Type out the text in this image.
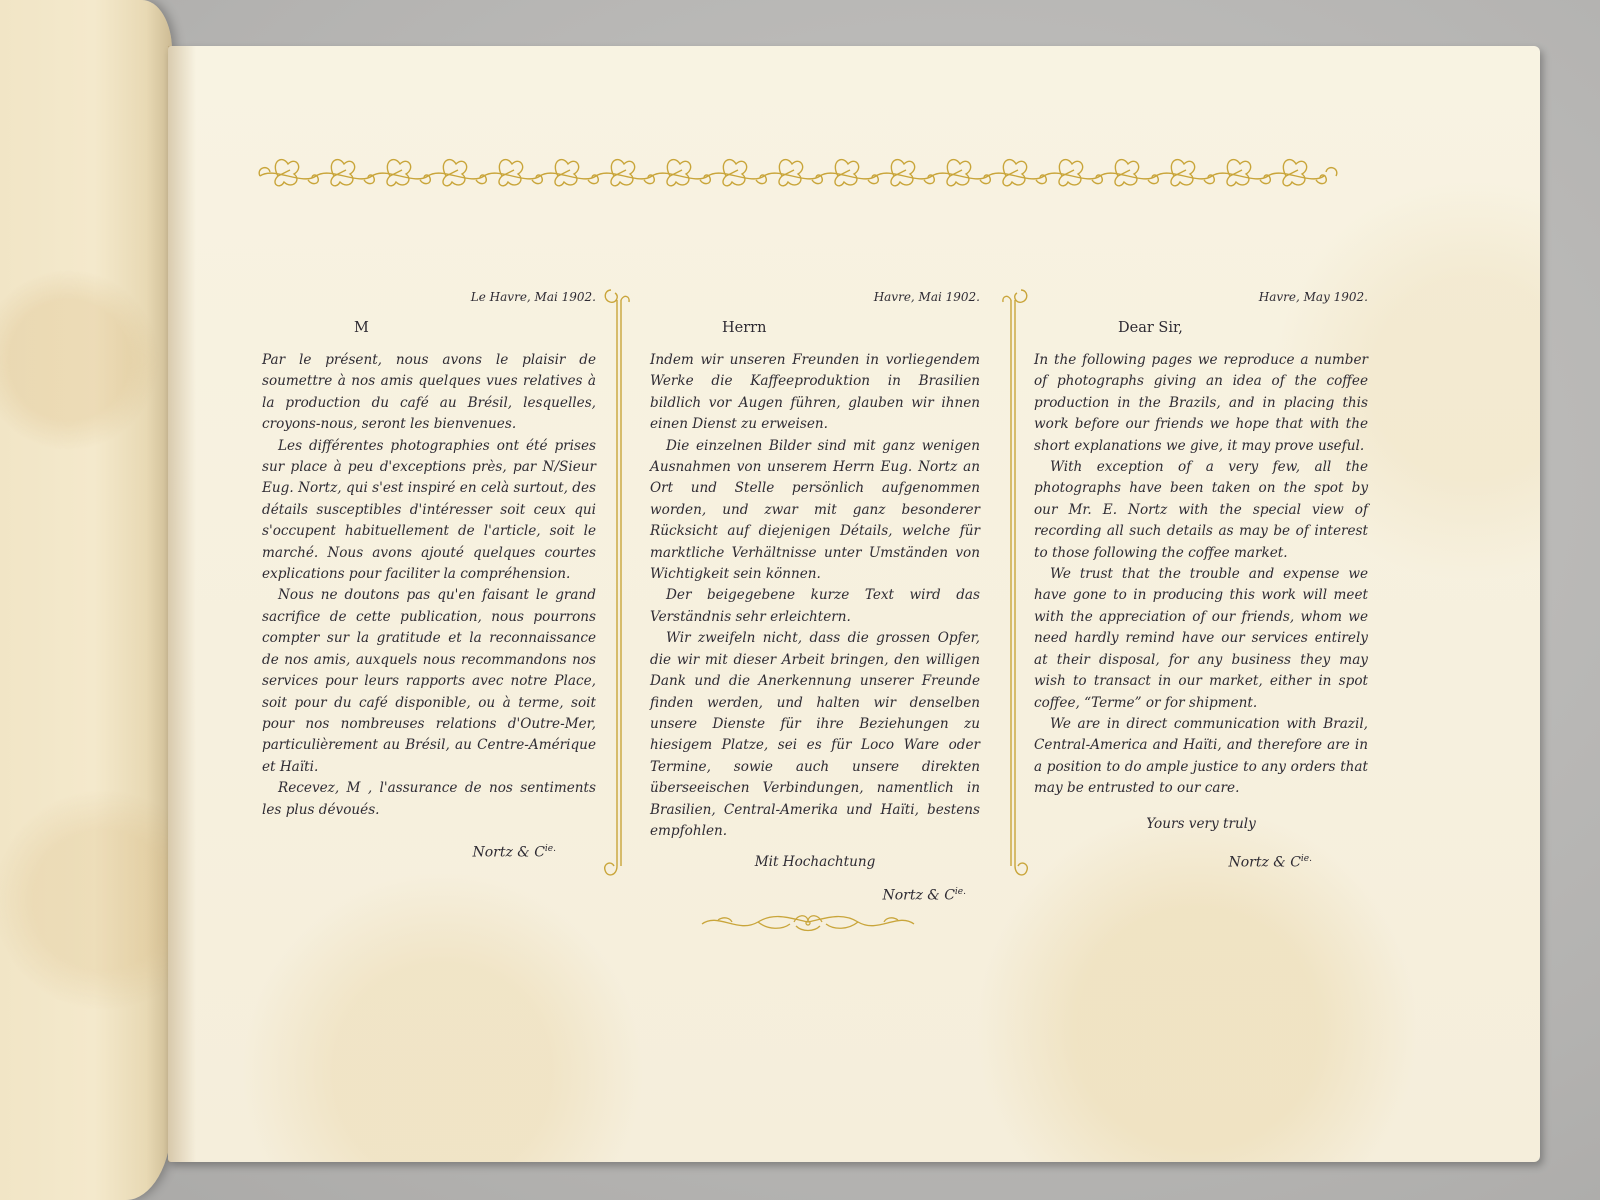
Le Havre, Mai 1902.
M

Par le présent, nous avons le plaisir de soumettre à nos amis quelques vues relatives à la production du café au Brésil, lesquelles, croyons-nous, seront les bienvenues.

Les différentes photographies ont été prises sur place à peu d'exceptions près, par N/Sieur Eug. Nortz, qui s'est inspiré en celà surtout, des détails susceptibles d'intéresser soit ceux qui s'occupent habituellement de l'article, soit le marché. Nous avons ajouté quelques courtes explications pour faciliter la compréhension.

Nous ne doutons pas qu'en faisant le grand sacrifice de cette publication, nous pourrons compter sur la gratitude et la reconnaissance de nos amis, auxquels nous recommandons nos services pour leurs rapports avec notre Place, soit pour du café disponible, ou à terme, soit pour nos nombreuses relations d'Outre-Mer, particulièrement au Brésil, au Centre-Amérique et Haïti.

Recevez, M , l'assurance de nos sentiments les plus dévoués.

Nortz & $C^{ie.}$
Havre, Mai 1902.
Herrn

Indem wir unseren Freunden in vorliegendem Werke die Kaffeeproduktion in Brasilien bildlich vor Augen führen, glauben wir ihnen einen Dienst zu erweisen.

Die einzelnen Bilder sind mit ganz wenigen Ausnahmen von unserem Herrn Eug. Nortz an Ort und Stelle persönlich aufgenommen worden, und zwar mit ganz besonderer Rücksicht auf diejenigen Détails, welche für marktliche Verhältnisse unter Umständen von Wichtigkeit sein können.

Der beigegebene kurze Text wird das Verständnis sehr erleichtern.

Wir zweifeln nicht, dass die grossen Opfer, die wir mit dieser Arbeit bringen, den willigen Dank und die Anerkennung unserer Freunde finden werden, und halten wir denselben unsere Dienste für ihre Beziehungen zu hiesigem Platze, sei es für Loco Ware oder Termine, sowie auch unsere direkten überseeischen Verbindungen, namentlich in Brasilien, Central-Amerika und Haïti, bestens empfohlen.

Mit Hochachtung
Nortz & $C^{ie.}$
Havre, May 1902.
Dear Sir,

In the following pages we reproduce a number of photographs giving an idea of the coffee production in the Brazils, and in placing this work before our friends we hope that with the short explanations we give, it may prove useful.

With exception of a very few, all the photographs have been taken on the spot by our Mr. E. Nortz with the special view of recording all such details as may be of interest to those following the coffee market.

We trust that the trouble and expense we have gone to in producing this work will meet with the appreciation of our friends, whom we need hardly remind have our services entirely at their disposal, for any business they may wish to transact in our market, either in spot coffee, “Terme” or for shipment.

We are in direct communication with Brazil, Central-America and Haïti, and therefore are in a position to do ample justice to any orders that may be entrusted to our care.

Yours very truly
Nortz & $C^{ie.}$
